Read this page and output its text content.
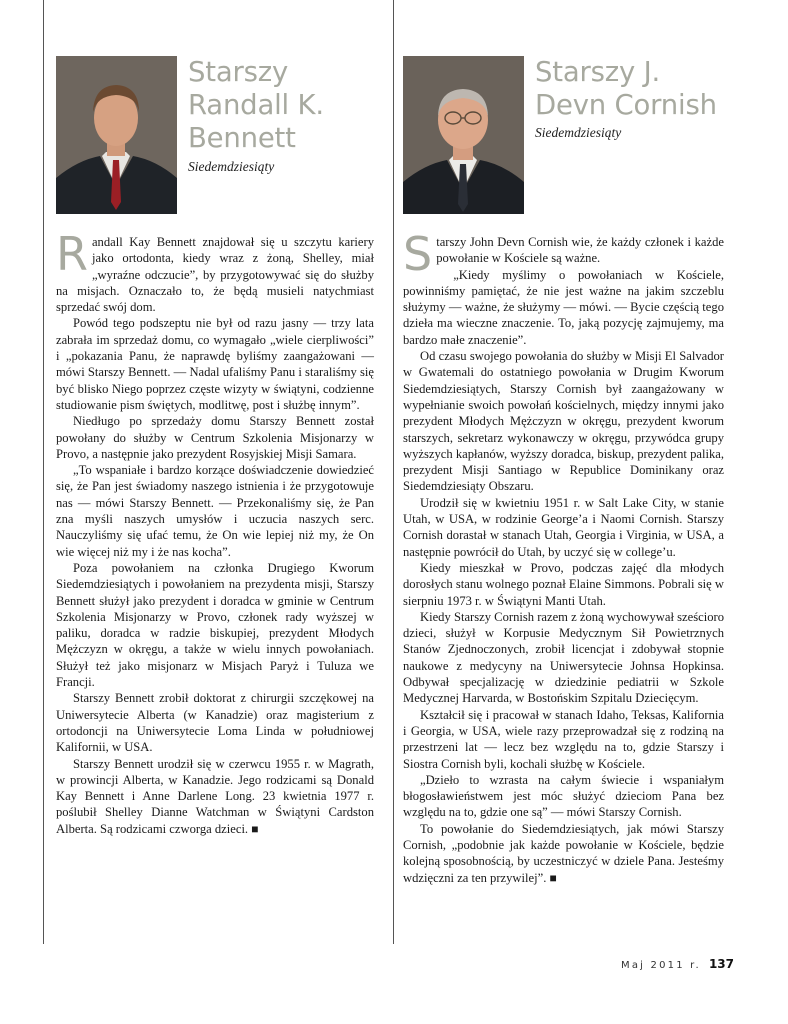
Starszy Randall K. Bennett

Siedemdziesiąty

Randall Kay Bennett znajdował się u szczytu kariery jako ortodonta, kiedy wraz z żoną, Shelley, miał „wyraźne odczucie”, by przygotowywać się do służby na misjach. Oznaczało to, że będą musieli natychmiast sprzedać swój dom.

Powód tego podszeptu nie był od razu jasny — trzy lata zabrała im sprzedaż domu, co wymagało „wiele cierpliwości” i „pokazania Panu, że naprawdę byliśmy zaangażowani — mówi Starszy Bennett. — Nadal ufaliśmy Panu i staraliśmy się być blisko Niego poprzez częste wizyty w świątyni, codzienne studiowanie pism świętych, modlitwę, post i służbę innym”.

Niedługo po sprzedaży domu Starszy Bennett został powołany do służby w Centrum Szkolenia Misjonarzy w Provo, a następnie jako prezydent Rosyjskiej Misji Samara.

„To wspaniałe i bardzo korzące doświadczenie dowiedzieć się, że Pan jest świadomy naszego istnienia i że przygotowuje nas — mówi Starszy Bennett. — Przekonaliśmy się, że Pan zna myśli naszych umysłów i uczucia naszych serc. Nauczyliśmy się ufać temu, że On wie lepiej niż my, że On wie więcej niż my i że nas kocha”.

Poza powołaniem na członka Drugiego Kworum Siedemdziesiątych i powołaniem na prezydenta misji, Starszy Bennett służył jako prezydent i doradca w gminie w Centrum Szkolenia Misjonarzy w Provo, członek rady wyższej w paliku, doradca w radzie biskupiej, prezydent Młodych Mężczyzn w okręgu, a także w wielu innych powołaniach. Służył też jako misjonarz w Misjach Paryż i Tuluza we Francji.

Starszy Bennett zrobił doktorat z chirurgii szczękowej na Uniwersytecie Alberta (w Kanadzie) oraz magisterium z ortodoncji na Uniwersytecie Loma Linda w południowej Kalifornii, w USA.

Starszy Bennett urodził się w czerwcu 1955 r. w Magrath, w prowincji Alberta, w Kanadzie. Jego rodzicami są Donald Kay Bennett i Anne Darlene Long. 23 kwietnia 1977 r. poślubił Shelley Dianne Watchman w Świątyni Cardston Alberta. Są rodzicami czworga dzieci. ■

Starszy J. Devn Cornish

Siedemdziesiąty

Starszy John Devn Cornish wie, że każdy członek i każde powołanie w Kościele są ważne.

„Kiedy myślimy o powołaniach w Kościele, powinniśmy pamiętać, że nie jest ważne na jakim szczeblu służymy — ważne, że służymy — mówi. — Bycie częścią tego dzieła ma wieczne znaczenie. To, jaką pozycję zajmujemy, ma bardzo małe znaczenie”.

Od czasu swojego powołania do służby w Misji El Salvador w Gwatemali do ostatniego powołania w Drugim Kworum Siedemdziesiątych, Starszy Cornish był zaangażowany w wypełnianie swoich powołań kościelnych, między innymi jako prezydent Młodych Mężczyzn w okręgu, prezydent kworum starszych, sekretarz wykonawczy w okręgu, przywódca grupy wyższych kapłanów, wyższy doradca, biskup, prezydent palika, prezydent Misji Santiago w Republice Dominikany oraz Siedemdziesiąty Obszaru.

Urodził się w kwietniu 1951 r. w Salt Lake City, w stanie Utah, w USA, w rodzinie George’a i Naomi Cornish. Starszy Cornish dorastał w stanach Utah, Georgia i Virginia, w USA, a następnie powrócił do Utah, by uczyć się w college’u.

Kiedy mieszkał w Provo, podczas zajęć dla młodych dorosłych stanu wolnego poznał Elaine Simmons. Pobrali się w sierpniu 1973 r. w Świątyni Manti Utah.

Kiedy Starszy Cornish razem z żoną wychowywał sześcioro dzieci, służył w Korpusie Medycznym Sił Powietrznych Stanów Zjednoczonych, zrobił licencjat i zdobywał stopnie naukowe z medycyny na Uniwersytecie Johnsa Hopkinsa. Odbywał specjalizację w dziedzinie pediatrii w Szkole Medycznej Harvarda, w Bostońskim Szpitalu Dziecięcym.

Kształcił się i pracował w stanach Idaho, Teksas, Kalifornia i Georgia, w USA, wiele razy przeprowadzał się z rodziną na przestrzeni lat — lecz bez względu na to, gdzie Starszy i Siostra Cornish byli, kochali służbę w Kościele.

„Dzieło to wzrasta na całym świecie i wspaniałym błogosławieństwem jest móc służyć dzieciom Pana bez względu na to, gdzie one są” — mówi Starszy Cornish.

To powołanie do Siedemdziesiątych, jak mówi Starszy Cornish, „podobnie jak każde powołanie w Kościele, będzie kolejną sposobnością, by uczestniczyć w dziele Pana. Jesteśmy wdzięczni za ten przywilej”. ■

Maj 2011 r. 137
